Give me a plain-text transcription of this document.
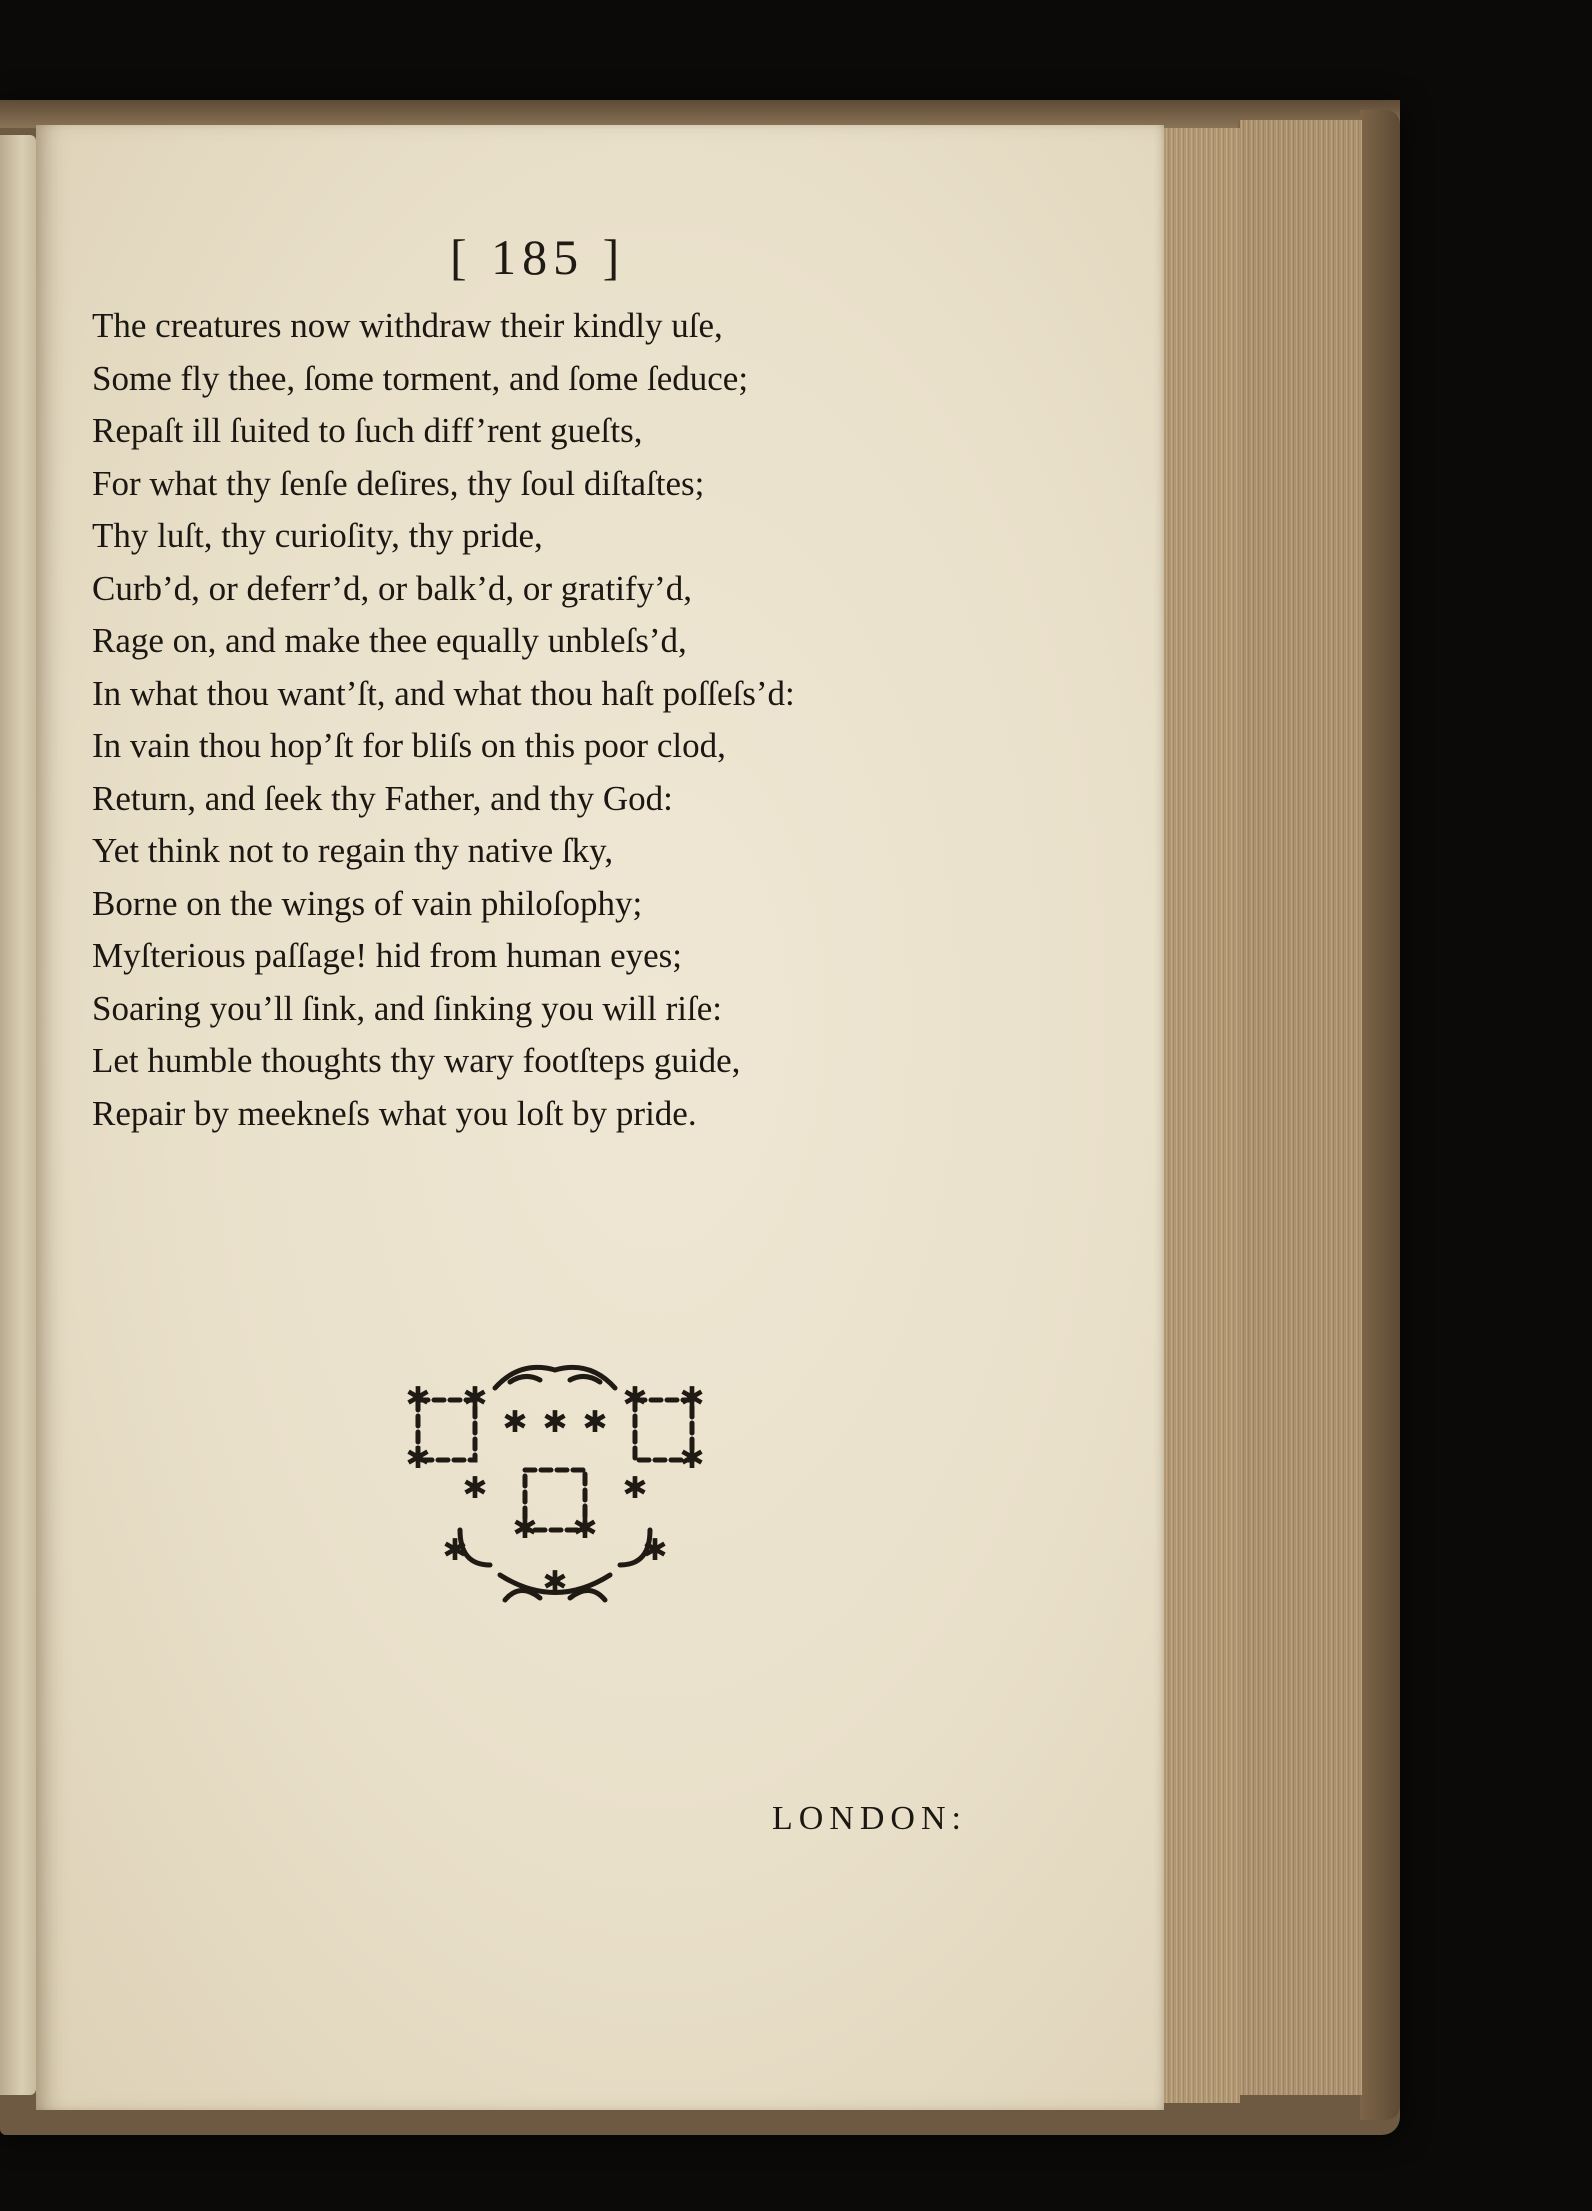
[ 185 ]
The creatures now withdraw their kindly uſe,
Some fly thee, ſome torment, and ſome ſeduce;
Repaſt ill ſuited to ſuch diff’rent gueſts,
For what thy ſenſe deſires, thy ſoul diſtaſtes;
Thy luſt, thy curioſity, thy pride,
Curb’d, or deferr’d, or balk’d, or gratify’d,
Rage on, and make thee equally unbleſs’d,
In what thou want’ſt, and what thou haſt poſſeſs’d:
In vain thou hop’ſt for bliſs on this poor clod,
Return, and ſeek thy Father, and thy God:
Yet think not to regain thy native ſky,
Borne on the wings of vain philoſophy;
Myſterious paſſage! hid from human eyes;
Soaring you’ll ſink, and ſinking you will riſe:
Let humble thoughts thy wary footſteps guide,
Repair by meekneſs what you loſt by pride.
✱ ✱	✱ ✱
✱	✱
✱ ✱ ✱
✱	✱
✱ ✱
✱	✱
✱
LONDON:
